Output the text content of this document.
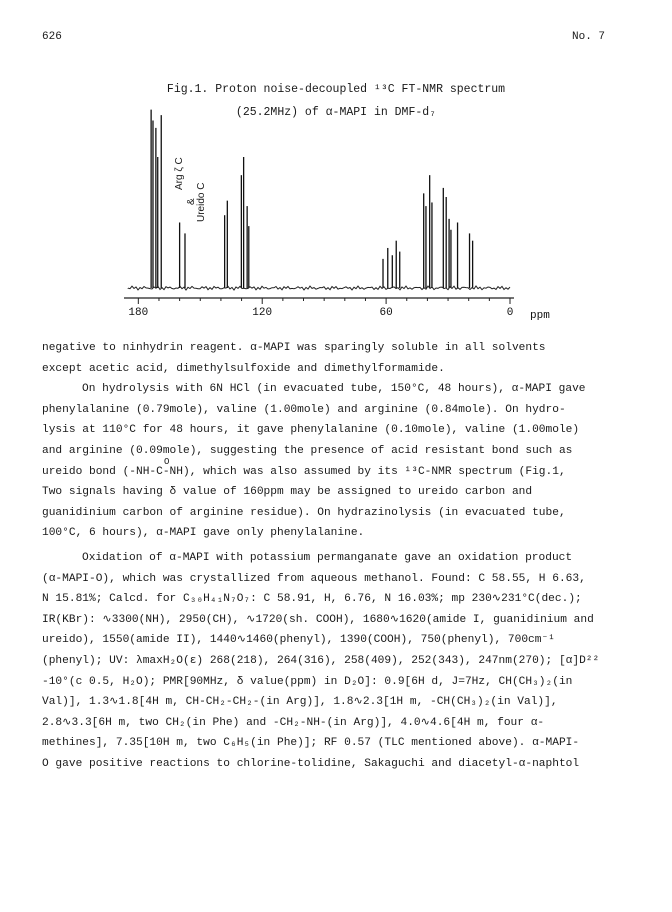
626	No. 7
Fig.1. Proton noise-decoupled ¹³C FT-NMR spectrum
(25.2MHz) of α-MAPI in DMF-d₇
180	120	60	0 ppm
Arg ζ C
& Ureido C

negative to ninhydrin reagent. α-MAPI was sparingly soluble in all solvents

except acetic acid, dimethylsulfoxide and dimethylformamide.

On hydrolysis with 6N HCl (in evacuated tube, 150°C, 48 hours), α-MAPI gave

phenylalanine (0.79mole), valine (1.00mole) and arginine (0.84mole). On hydro-

lysis at 110°C for 48 hours, it gave phenylalanine (0.10mole), valine (1.00mole)

and arginine (0.09mole), suggesting the presence of acid resistant bond such as

O
ureido bond (-NH-C-NH), which was also assumed by its ¹³C-NMR spectrum (Fig.1,

Two signals having δ value of 160ppm may be assigned to ureido carbon and

guanidinium carbon of arginine residue). On hydrazinolysis (in evacuated tube,

100°C, 6 hours), α-MAPI gave only phenylalanine.

Oxidation of α-MAPI with potassium permanganate gave an oxidation product

(α-MAPI-O), which was crystallized from aqueous methanol. Found: C 58.55, H 6.63,

N 15.81%; Calcd. for C₃₀H₄₁N₇O₇: C 58.91, H, 6.76, N 16.03%; mp 230∿231°C(dec.);

IR(KBr): ∿3300(NH), 2950(CH), ∿1720(sh. COOH), 1680∿1620(amide I, guanidinium and

ureido), 1550(amide II), 1440∿1460(phenyl), 1390(COOH), 750(phenyl), 700cm⁻¹

(phenyl); UV: λmaxH₂O(ε) 268(218), 264(316), 258(409), 252(343), 247nm(270); [α]D²²

-10°(c 0.5, H₂O); PMR[90MHz, δ value(ppm) in D₂O]: 0.9[6H d, J=7Hz, CH(CH₃)₂(in

Val)], 1.3∿1.8[4H m, CH-CH₂-CH₂-(in Arg)], 1.8∿2.3[1H m, -CH(CH₃)₂(in Val)],

2.8∿3.3[6H m, two CH₂(in Phe) and -CH₂-NH-(in Arg)], 4.0∿4.6[4H m, four α-

methines], 7.35[10H m, two C₆H₅(in Phe)]; RF 0.57 (TLC mentioned above). α-MAPI-

O gave positive reactions to chlorine-tolidine, Sakaguchi and diacetyl-α-naphtol
